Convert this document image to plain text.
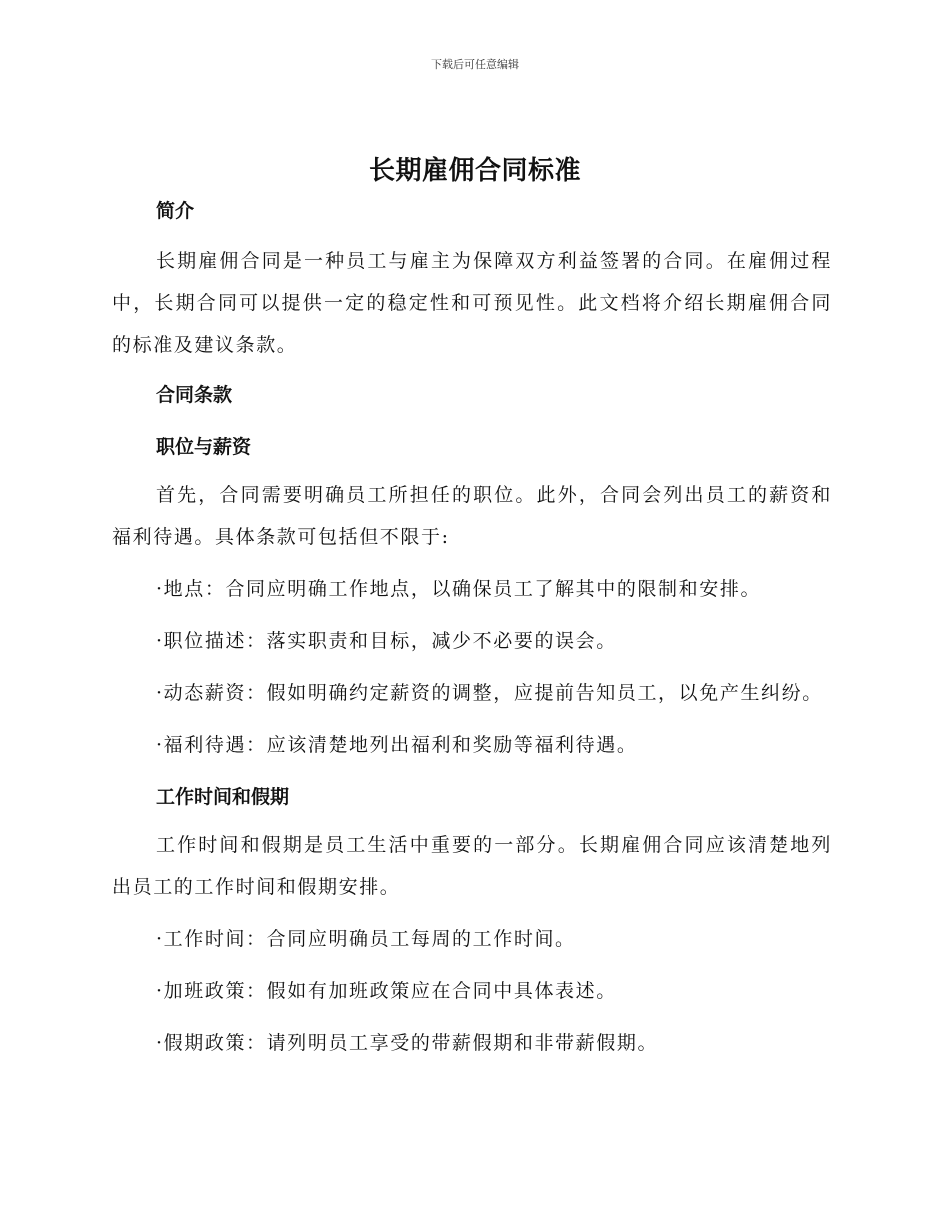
下载后可任意编辑
长期雇佣合同标准

简介

长期雇佣合同是一种员工与雇主为保障双方利益签署的合同。在雇佣过程中，长期合同可以提供一定的稳定性和可预见性。此文档将介绍长期雇佣合同的标准及建议条款。

合同条款

职位与薪资

首先，合同需要明确员工所担任的职位。此外，合同会列出员工的薪资和福利待遇。具体条款可包括但不限于:

·地点：合同应明确工作地点，以确保员工了解其中的限制和安排。

·职位描述：落实职责和目标，减少不必要的误会。

·动态薪资：假如明确约定薪资的调整，应提前告知员工，以免产生纠纷。

·福利待遇：应该清楚地列出福利和奖励等福利待遇。

工作时间和假期

工作时间和假期是员工生活中重要的一部分。长期雇佣合同应该清楚地列出员工的工作时间和假期安排。

·工作时间：合同应明确员工每周的工作时间。

·加班政策：假如有加班政策应在合同中具体表述。

·假期政策：请列明员工享受的带薪假期和非带薪假期。
